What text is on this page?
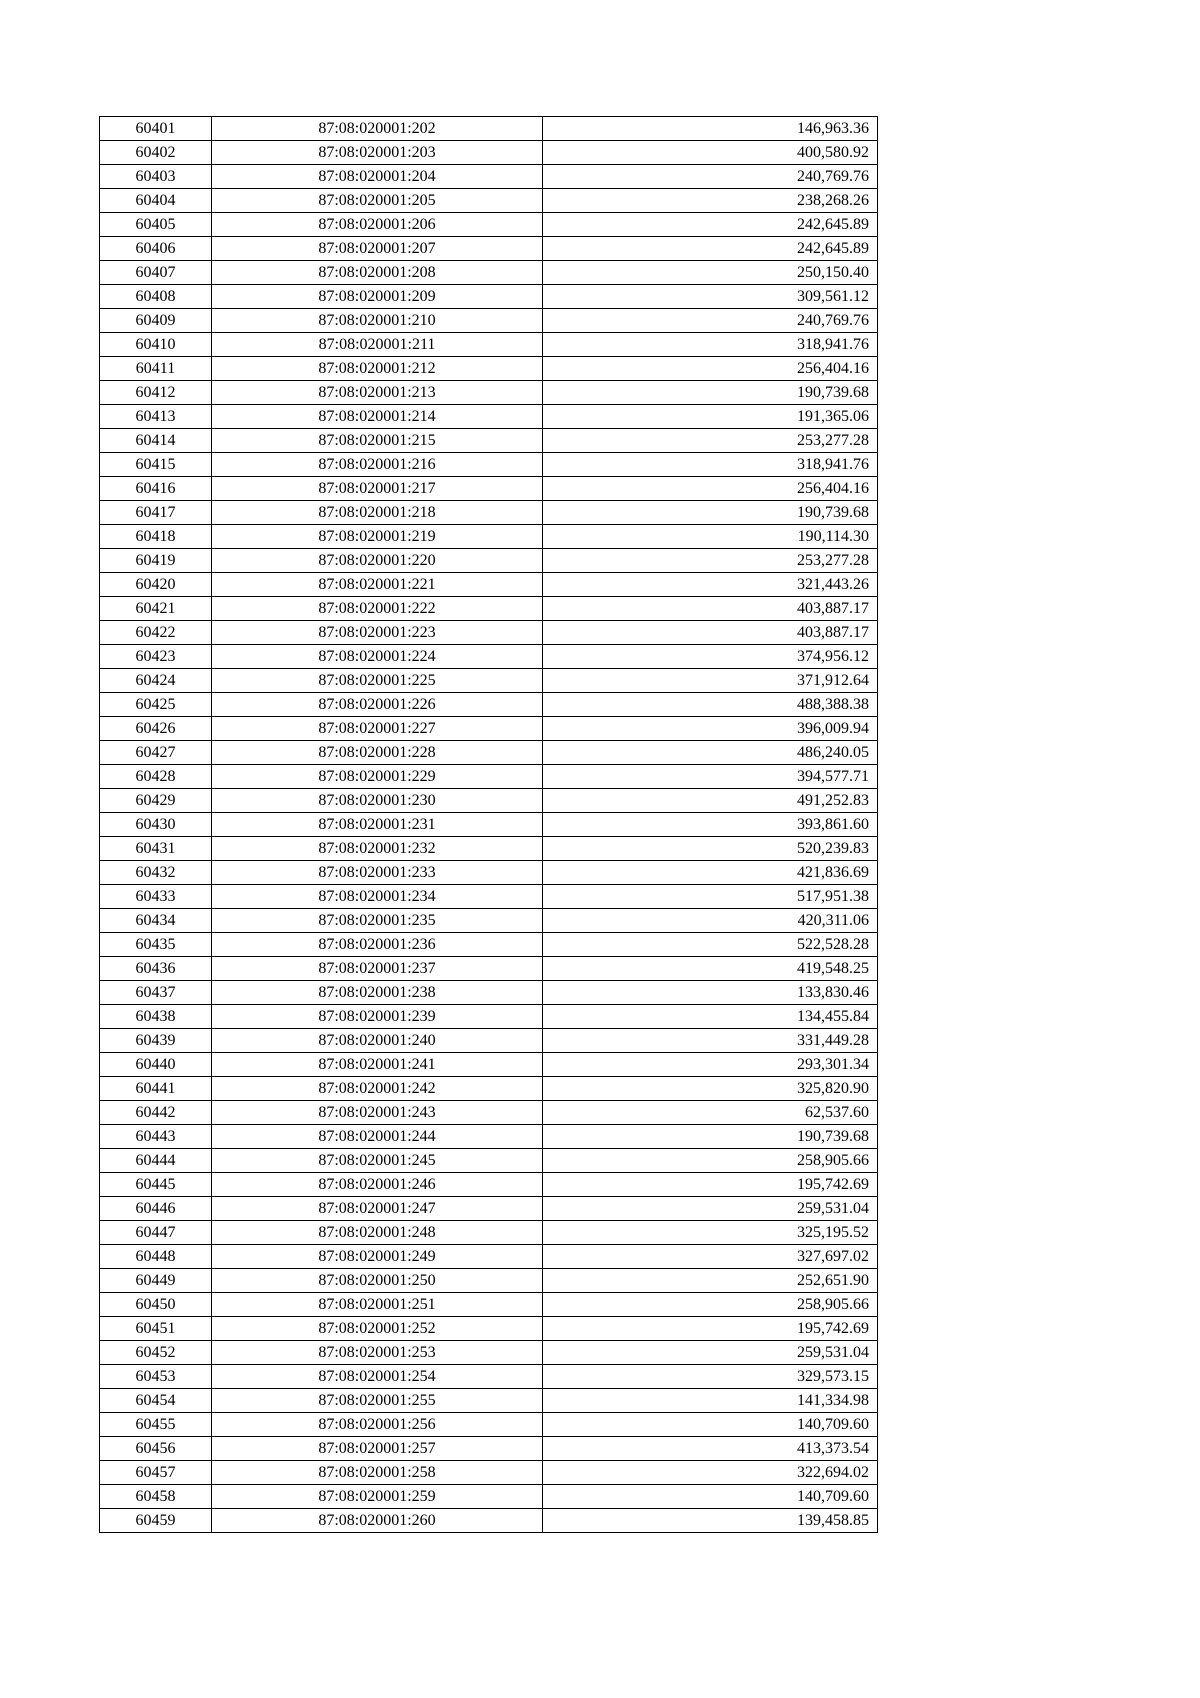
60401	87:08:020001:202	146,963.36
60402	87:08:020001:203	400,580.92
60403	87:08:020001:204	240,769.76
60404	87:08:020001:205	238,268.26
60405	87:08:020001:206	242,645.89
60406	87:08:020001:207	242,645.89
60407	87:08:020001:208	250,150.40
60408	87:08:020001:209	309,561.12
60409	87:08:020001:210	240,769.76
60410	87:08:020001:211	318,941.76
60411	87:08:020001:212	256,404.16
60412	87:08:020001:213	190,739.68
60413	87:08:020001:214	191,365.06
60414	87:08:020001:215	253,277.28
60415	87:08:020001:216	318,941.76
60416	87:08:020001:217	256,404.16
60417	87:08:020001:218	190,739.68
60418	87:08:020001:219	190,114.30
60419	87:08:020001:220	253,277.28
60420	87:08:020001:221	321,443.26
60421	87:08:020001:222	403,887.17
60422	87:08:020001:223	403,887.17
60423	87:08:020001:224	374,956.12
60424	87:08:020001:225	371,912.64
60425	87:08:020001:226	488,388.38
60426	87:08:020001:227	396,009.94
60427	87:08:020001:228	486,240.05
60428	87:08:020001:229	394,577.71
60429	87:08:020001:230	491,252.83
60430	87:08:020001:231	393,861.60
60431	87:08:020001:232	520,239.83
60432	87:08:020001:233	421,836.69
60433	87:08:020001:234	517,951.38
60434	87:08:020001:235	420,311.06
60435	87:08:020001:236	522,528.28
60436	87:08:020001:237	419,548.25
60437	87:08:020001:238	133,830.46
60438	87:08:020001:239	134,455.84
60439	87:08:020001:240	331,449.28
60440	87:08:020001:241	293,301.34
60441	87:08:020001:242	325,820.90
60442	87:08:020001:243	62,537.60
60443	87:08:020001:244	190,739.68
60444	87:08:020001:245	258,905.66
60445	87:08:020001:246	195,742.69
60446	87:08:020001:247	259,531.04
60447	87:08:020001:248	325,195.52
60448	87:08:020001:249	327,697.02
60449	87:08:020001:250	252,651.90
60450	87:08:020001:251	258,905.66
60451	87:08:020001:252	195,742.69
60452	87:08:020001:253	259,531.04
60453	87:08:020001:254	329,573.15
60454	87:08:020001:255	141,334.98
60455	87:08:020001:256	140,709.60
60456	87:08:020001:257	413,373.54
60457	87:08:020001:258	322,694.02
60458	87:08:020001:259	140,709.60
60459	87:08:020001:260	139,458.85
